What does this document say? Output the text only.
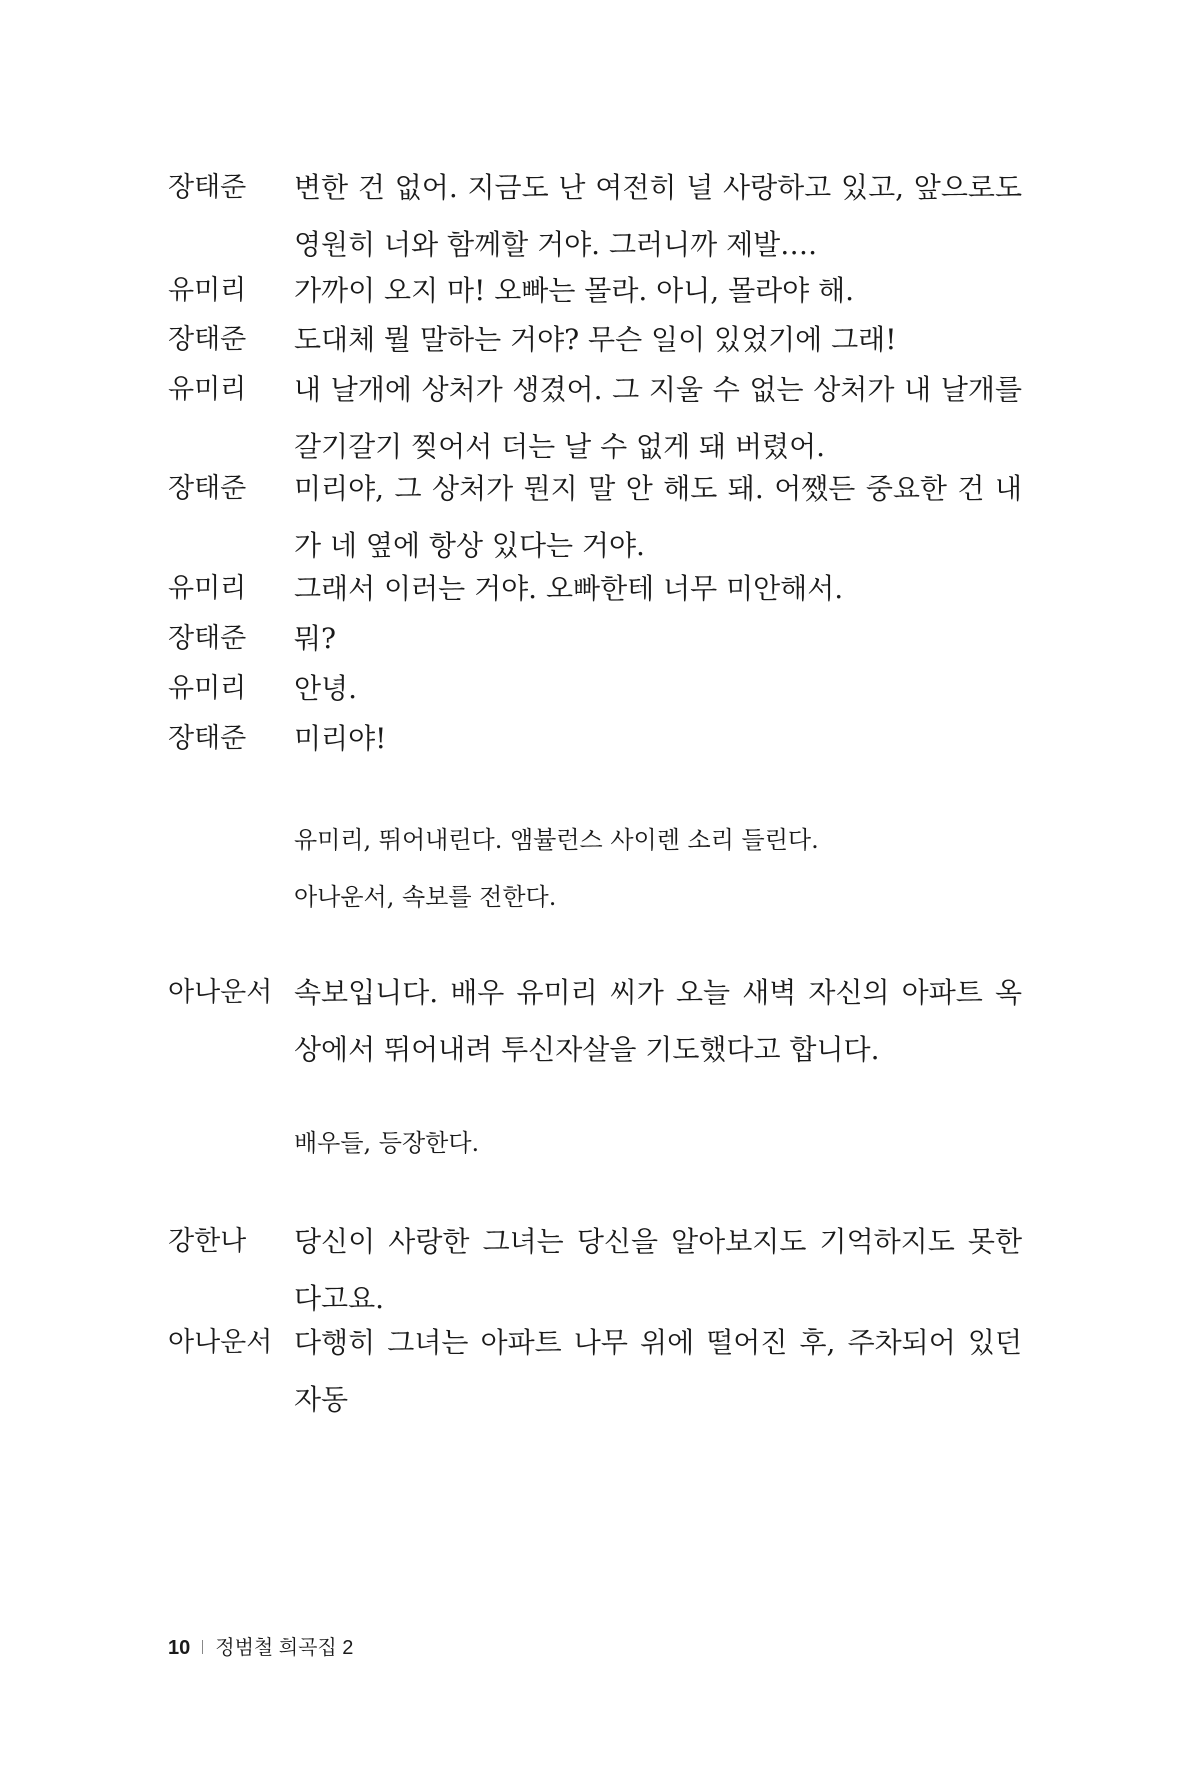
장태준 변한 건 없어. 지금도 난 여전히 널 사랑하고 있고, 앞으로도 영원히 너와 함께할 거야. 그러니까 제발….
유미리 가까이 오지 마! 오빠는 몰라. 아니, 몰라야 해.
장태준 도대체 뭘 말하는 거야? 무슨 일이 있었기에 그래!
유미리 내 날개에 상처가 생겼어. 그 지울 수 없는 상처가 내 날개를 갈기갈기 찢어서 더는 날 수 없게 돼 버렸어.
장태준 미리야, 그 상처가 뭔지 말 안 해도 돼. 어쨌든 중요한 건 내가 네 옆에 항상 있다는 거야.
유미리 그래서 이러는 거야. 오빠한테 너무 미안해서.
장태준 뭐?
유미리 안녕.
장태준 미리야!
유미리, 뛰어내린다. 앰뷸런스 사이렌 소리 들린다.
아나운서, 속보를 전한다.
아나운서 속보입니다. 배우 유미리 씨가 오늘 새벽 자신의 아파트 옥상에서 뛰어내려 투신자살을 기도했다고 합니다.
배우들, 등장한다.
강한나 당신이 사랑한 그녀는 당신을 알아보지도 기억하지도 못한다고요.
아나운서 다행히 그녀는 아파트 나무 위에 떨어진 후, 주차되어 있던 자동
10 정범철 희곡집 2
